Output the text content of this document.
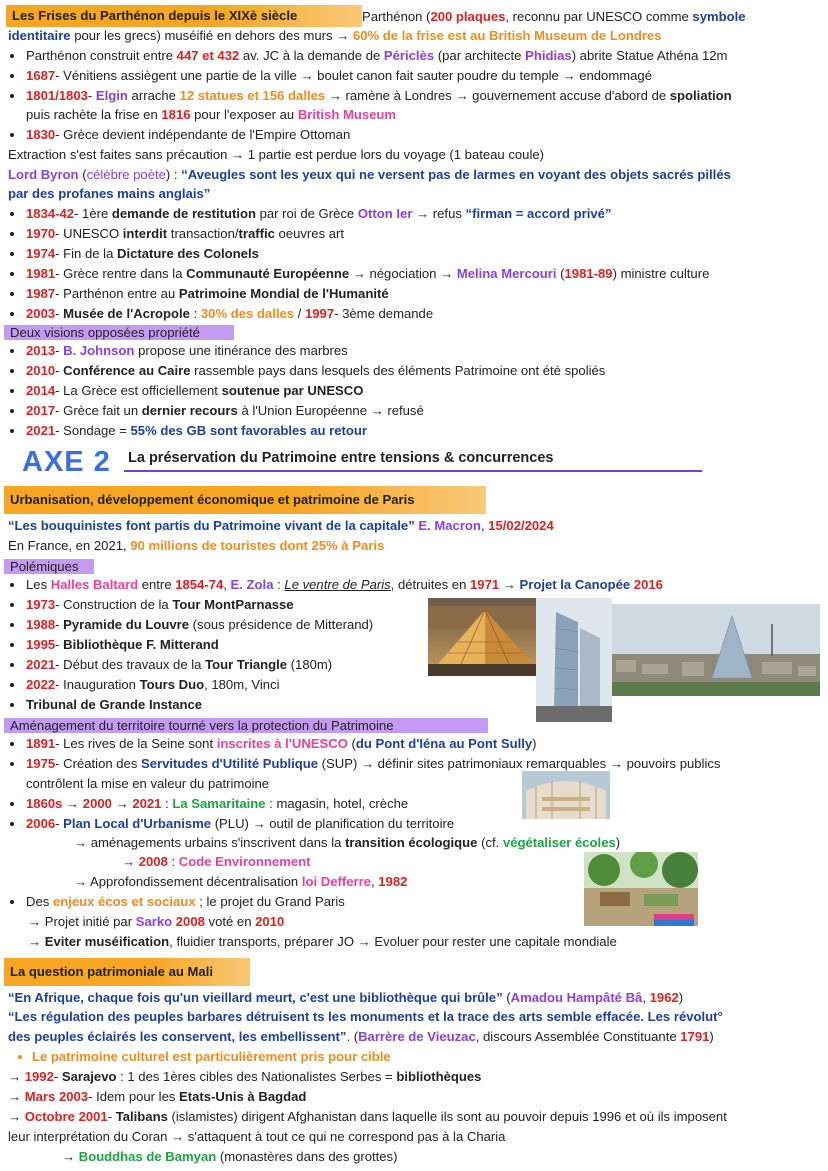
Les Frises du Parthénon depuis le XIXè siècle	Parthénon (200 plaques, reconnu par UNESCO comme symbole
identitaire pour les grecs) muséifié en dehors des murs → 60% de la frise est au British Museum de Londres
Parthénon construit entre 447 et 432 av. JC à la demande de Périclès (par architecte Phidias) abrite Statue Athéna 12m
1687- Vénitiens assiègent une partie de la ville → boulet canon fait sauter poudre du temple → endommagé
1801/1803- Elgin arrache 12 statues et 156 dalles → ramène à Londres → gouvernement accuse d'abord de spoliation
puis rachète la frise en 1816 pour l'exposer au British Museum
1830- Grèce devient indépendante de l'Empire Ottoman
Extraction s'est faites sans précaution → 1 partie est perdue lors du voyage (1 bateau coule)
Lord Byron (célèbre poète) : “Aveugles sont les yeux qui ne versent pas de larmes en voyant des objets sacrés pillés
par des profanes mains anglais”
1834-42- 1ère demande de restitution par roi de Grèce Otton Ier → refus “firman = accord privé”
1970- UNESCO interdit transaction/traffic oeuvres art
1974- Fin de la Dictature des Colonels
1981- Grèce rentre dans la Communauté Européenne → négociation → Melina Mercouri (1981-89) ministre culture
1987- Parthénon entre au Patrimoine Mondial de l'Humanité
2003- Musée de l'Acropole : 30% des dalles / 1997- 3ème demande
Deux visions opposées propriété
2013- B. Johnson propose une itinérance des marbres
2010- Conférence au Caire rassemble pays dans lesquels des éléments Patrimoine ont été spoliés
2014- La Grèce est officiellement soutenue par UNESCO
2017- Grèce fait un dernier recours à l'Union Européenne → refusé
2021- Sondage = 55% des GB sont favorables au retour
AXE 2 La préservation du Patrimoine entre tensions & concurrences
Urbanisation, développement économique et patrimoine de Paris
“Les bouquinistes font partis du Patrimoine vivant de la capitale” E. Macron, 15/02/2024
En France, en 2021, 90 millions de touristes dont 25% à Paris
Polémiques
Les Halles Baltard entre 1854-74, E. Zola : Le ventre de Paris, détruites en 1971 → Projet la Canopée 2016
1973- Construction de la Tour MontParnasse
1988- Pyramide du Louvre (sous présidence de Mitterand)
1995- Bibliothèque F. Mitterand
2021- Début des travaux de la Tour Triangle (180m)
2022- Inauguration Tours Duo, 180m, Vinci
Tribunal de Grande Instance
Aménagement du territoire tourné vers la protection du Patrimoine
1891- Les rives de la Seine sont inscrites à l'UNESCO (du Pont d'Iéna au Pont Sully)
1975- Création des Servitudes d'Utilité Publique (SUP) → définir sites patrimoniaux remarquables → pouvoirs publics
contrôlent la mise en valeur du patrimoine
1860s → 2000 → 2021 : La Samaritaine : magasin, hotel, crèche
2006- Plan Local d'Urbanisme (PLU) → outil de planification du territoire
→ aménagements urbains s'inscrivent dans la transition écologique (cf. végétaliser écoles)
→ 2008 : Code Environnement
→ Approfondissement décentralisation loi Defferre, 1982
Des enjeux écos et sociaux ; le projet du Grand Paris
→ Projet initié par Sarko 2008 voté en 2010
→ Eviter muséification, fluidier transports, préparer JO → Evoluer pour rester une capitale mondiale
La question patrimoniale au Mali
“En Afrique, chaque fois qu'un vieillard meurt, c'est une bibliothèque qui brûle” (Amadou Hampâté Bâ, 1962)
“Les régulation des peuples barbares détruisent ts les monuments et la trace des arts semble effacée. Les révolut°
des peuples éclairés les conservent, les embellissent”. (Barrère de Vieuzac, discours Assemblée Constituante 1791)
Le patrimoine culturel est particulièrement pris pour cible
→ 1992- Sarajevo : 1 des 1ères cibles des Nationalistes Serbes = bibliothèques
→ Mars 2003- Idem pour les Etats-Unis à Bagdad
→ Octobre 2001- Talibans (islamistes) dirigent Afghanistan dans laquelle ils sont au pouvoir depuis 1996 et où ils imposent
leur interprétation du Coran → s'attaquent à tout ce qui ne correspond pas à la Charia
→ Bouddhas de Bamyan (monastères dans des grottes)
